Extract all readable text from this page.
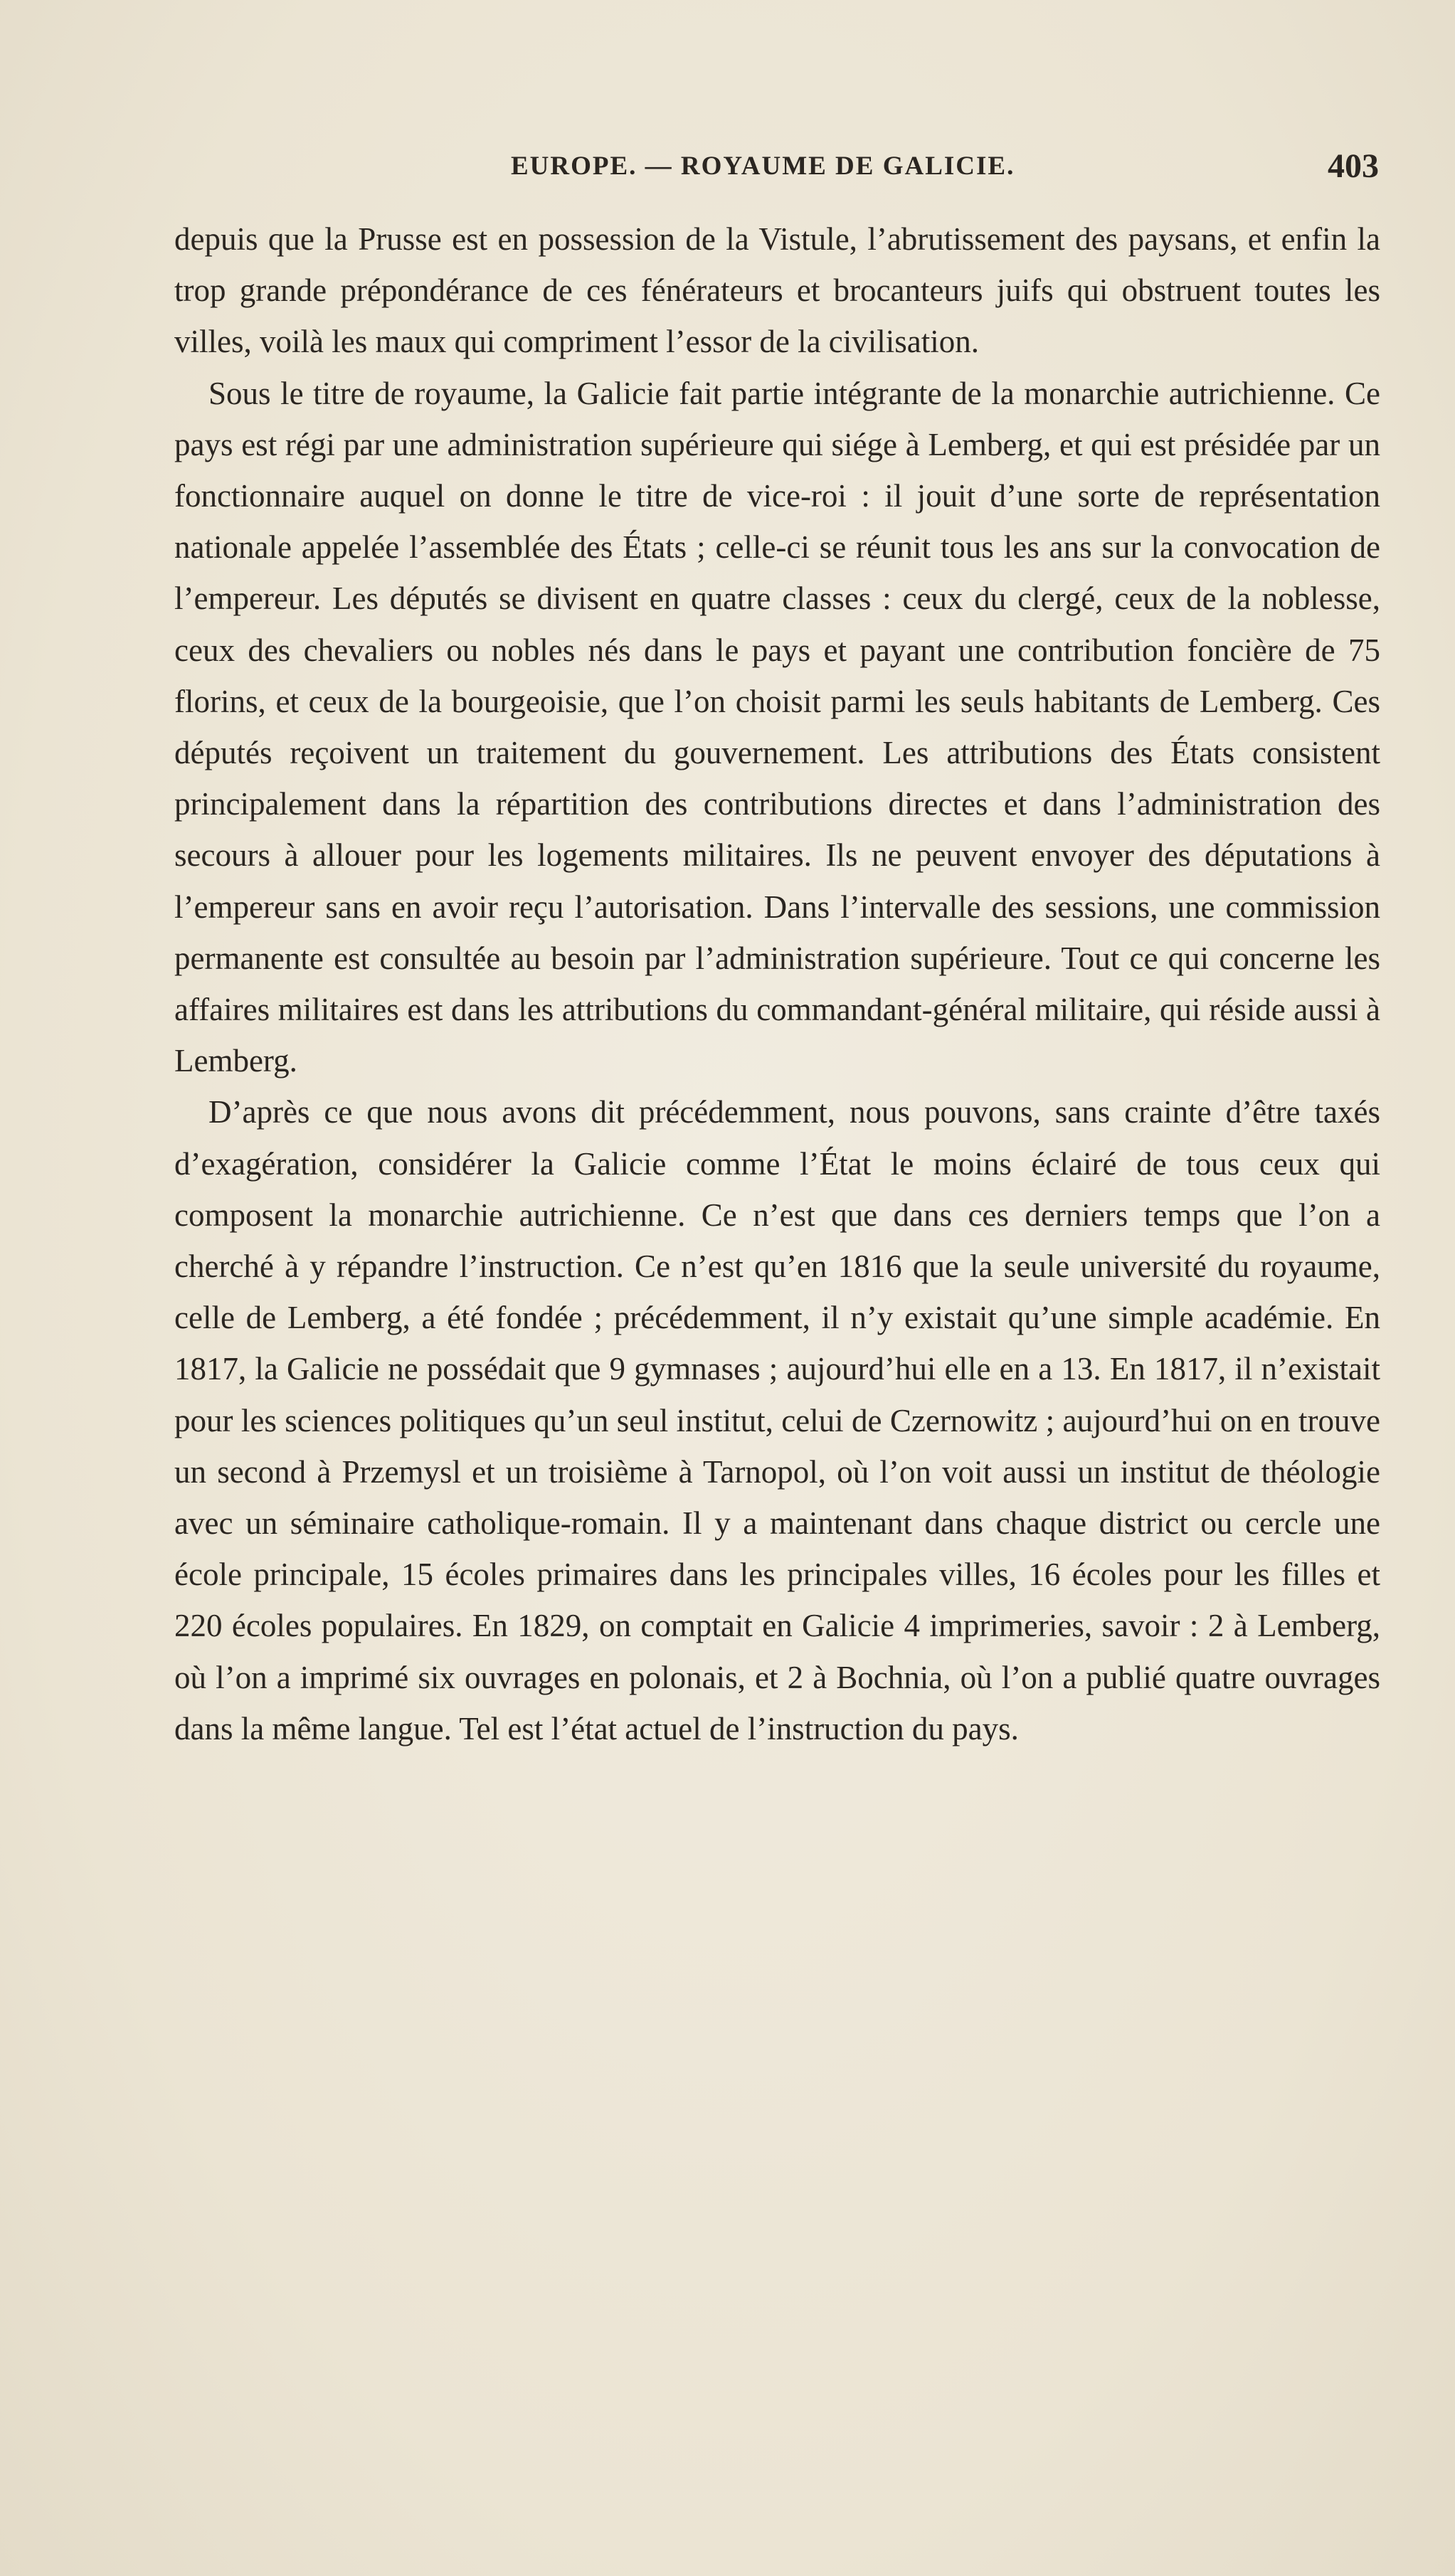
EUROPE. — ROYAUME DE GALICIE.	403

depuis que la Prusse est en possession de la Vistule, l’abrutissement des paysans, et enfin la trop grande prépondérance de ces fénérateurs et brocanteurs juifs qui obstruent toutes les villes, voilà les maux qui compriment l’essor de la civilisation.

Sous le titre de royaume, la Galicie fait partie intégrante de la monarchie autrichienne. Ce pays est régi par une administration supérieure qui siége à Lemberg, et qui est présidée par un fonctionnaire auquel on donne le titre de vice-roi : il jouit d’une sorte de représentation nationale appelée l’assemblée des États ; celle-ci se réunit tous les ans sur la convocation de l’empereur. Les députés se divisent en quatre classes : ceux du clergé, ceux de la noblesse, ceux des chevaliers ou nobles nés dans le pays et payant une contribution foncière de 75 florins, et ceux de la bourgeoisie, que l’on choisit parmi les seuls habitants de Lemberg. Ces députés reçoivent un traitement du gouvernement. Les attributions des États consistent principalement dans la répartition des contributions directes et dans l’administration des secours à allouer pour les logements militaires. Ils ne peuvent envoyer des députations à l’empereur sans en avoir reçu l’autorisation. Dans l’intervalle des sessions, une commission permanente est consultée au besoin par l’administration supérieure. Tout ce qui concerne les affaires militaires est dans les attributions du commandant-général militaire, qui réside aussi à Lemberg.

D’après ce que nous avons dit précédemment, nous pouvons, sans crainte d’être taxés d’exagération, considérer la Galicie comme l’État le moins éclairé de tous ceux qui composent la monarchie autrichienne. Ce n’est que dans ces derniers temps que l’on a cherché à y répandre l’instruction. Ce n’est qu’en 1816 que la seule université du royaume, celle de Lemberg, a été fondée ; précédemment, il n’y existait qu’une simple académie. En 1817, la Galicie ne possédait que 9 gymnases ; aujourd’hui elle en a 13. En 1817, il n’existait pour les sciences politiques qu’un seul institut, celui de Czernowitz ; aujourd’hui on en trouve un second à Przemysl et un troisième à Tarnopol, où l’on voit aussi un institut de théologie avec un séminaire catholique-romain. Il y a maintenant dans chaque district ou cercle une école principale, 15 écoles primaires dans les principales villes, 16 écoles pour les filles et 220 écoles populaires. En 1829, on comptait en Galicie 4 imprimeries, savoir : 2 à Lemberg, où l’on a imprimé six ouvrages en polonais, et 2 à Bochnia, où l’on a publié quatre ouvrages dans la même langue. Tel est l’état actuel de l’instruction du pays.
